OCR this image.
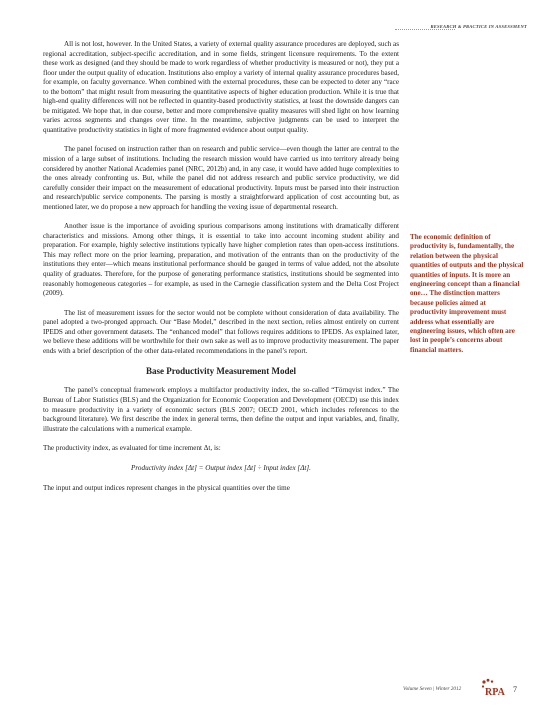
RESEARCH & PRACTICE IN ASSESSMENT

All is not lost, however. In the United States, a variety of external quality assurance procedures are deployed, such as regional accreditation, subject-specific accreditation, and in some fields, stringent licensure requirements. To the extent these work as designed (and they should be made to work regardless of whether productivity is measured or not), they put a floor under the output quality of education. Institutions also employ a variety of internal quality assurance procedures based, for example, on faculty governance. When combined with the external procedures, these can be expected to deter any “race to the bottom” that might result from measuring the quantitative aspects of higher education production. While it is true that high-end quality differences will not be reflected in quantity-based productivity statistics, at least the downside dangers can be mitigated. We hope that, in due course, better and more comprehensive quality measures will shed light on how learning varies across segments and changes over time. In the meantime, subjective judgments can be used to interpret the quantitative productivity statistics in light of more fragmented evidence about output quality.

The panel focused on instruction rather than on research and public service—even though the latter are central to the mission of a large subset of institutions. Including the research mission would have carried us into territory already being considered by another National Academies panel (NRC, 2012b) and, in any case, it would have added huge complexities to the ones already confronting us. But, while the panel did not address research and public service productivity, we did carefully consider their impact on the measurement of educational productivity. Inputs must be parsed into their instruction and research/public service components. The parsing is mostly a straightforward application of cost accounting but, as mentioned later, we do propose a new approach for handling the vexing issue of departmental research.

Another issue is the importance of avoiding spurious comparisons among institutions with dramatically different characteristics and missions. Among other things, it is essential to take into account incoming student ability and preparation. For example, highly selective institutions typically have higher completion rates than open-access institutions. This may reflect more on the prior learning, preparation, and motivation of the entrants than on the productivity of the institutions they enter—which means institutional performance should be gauged in terms of value added, not the absolute quality of graduates. Therefore, for the purpose of generating performance statistics, institutions should be segmented into reasonably homogeneous categories – for example, as used in the Carnegie classification system and the Delta Cost Project (2009).

The list of measurement issues for the sector would not be complete without consideration of data availability. The panel adopted a two-pronged approach. Our “Base Model,” described in the next section, relies almost entirely on current IPEDS and other government datasets. The “enhanced model” that follows requires additions to IPEDS. As explained later, we believe these additions will be worthwhile for their own sake as well as to improve productivity measurement. The paper ends with a brief description of the other data-related recommendations in the panel’s report.

Base Productivity Measurement Model

The panel’s conceptual framework employs a multifactor productivity index, the so-called “Törnqvist index.” The Bureau of Labor Statistics (BLS) and the Organization for Economic Cooperation and Development (OECD) use this index to measure productivity in a variety of economic sectors (BLS 2007; OECD 2001, which includes references to the background literature). We first describe the index in general terms, then define the output and input variables, and, finally, illustrate the calculations with a numerical example.

The productivity index, as evaluated for time increment Δt, is:

Productivity index [Δt] = Output index [Δt] ÷ Input index [Δt].

The input and output indices represent changes in the physical quantities over the time

The economic definition of productivity is, fundamentally, the relation between the physical quantities of outputs and the physical quantities of inputs. It is more an engineering concept than a financial one… The distinction matters because policies aimed at productivity improvement must address what essentially are engineering issues, which often are lost in people’s concerns about financial matters.
Volume Seven | Winter 2012 RPA 7
